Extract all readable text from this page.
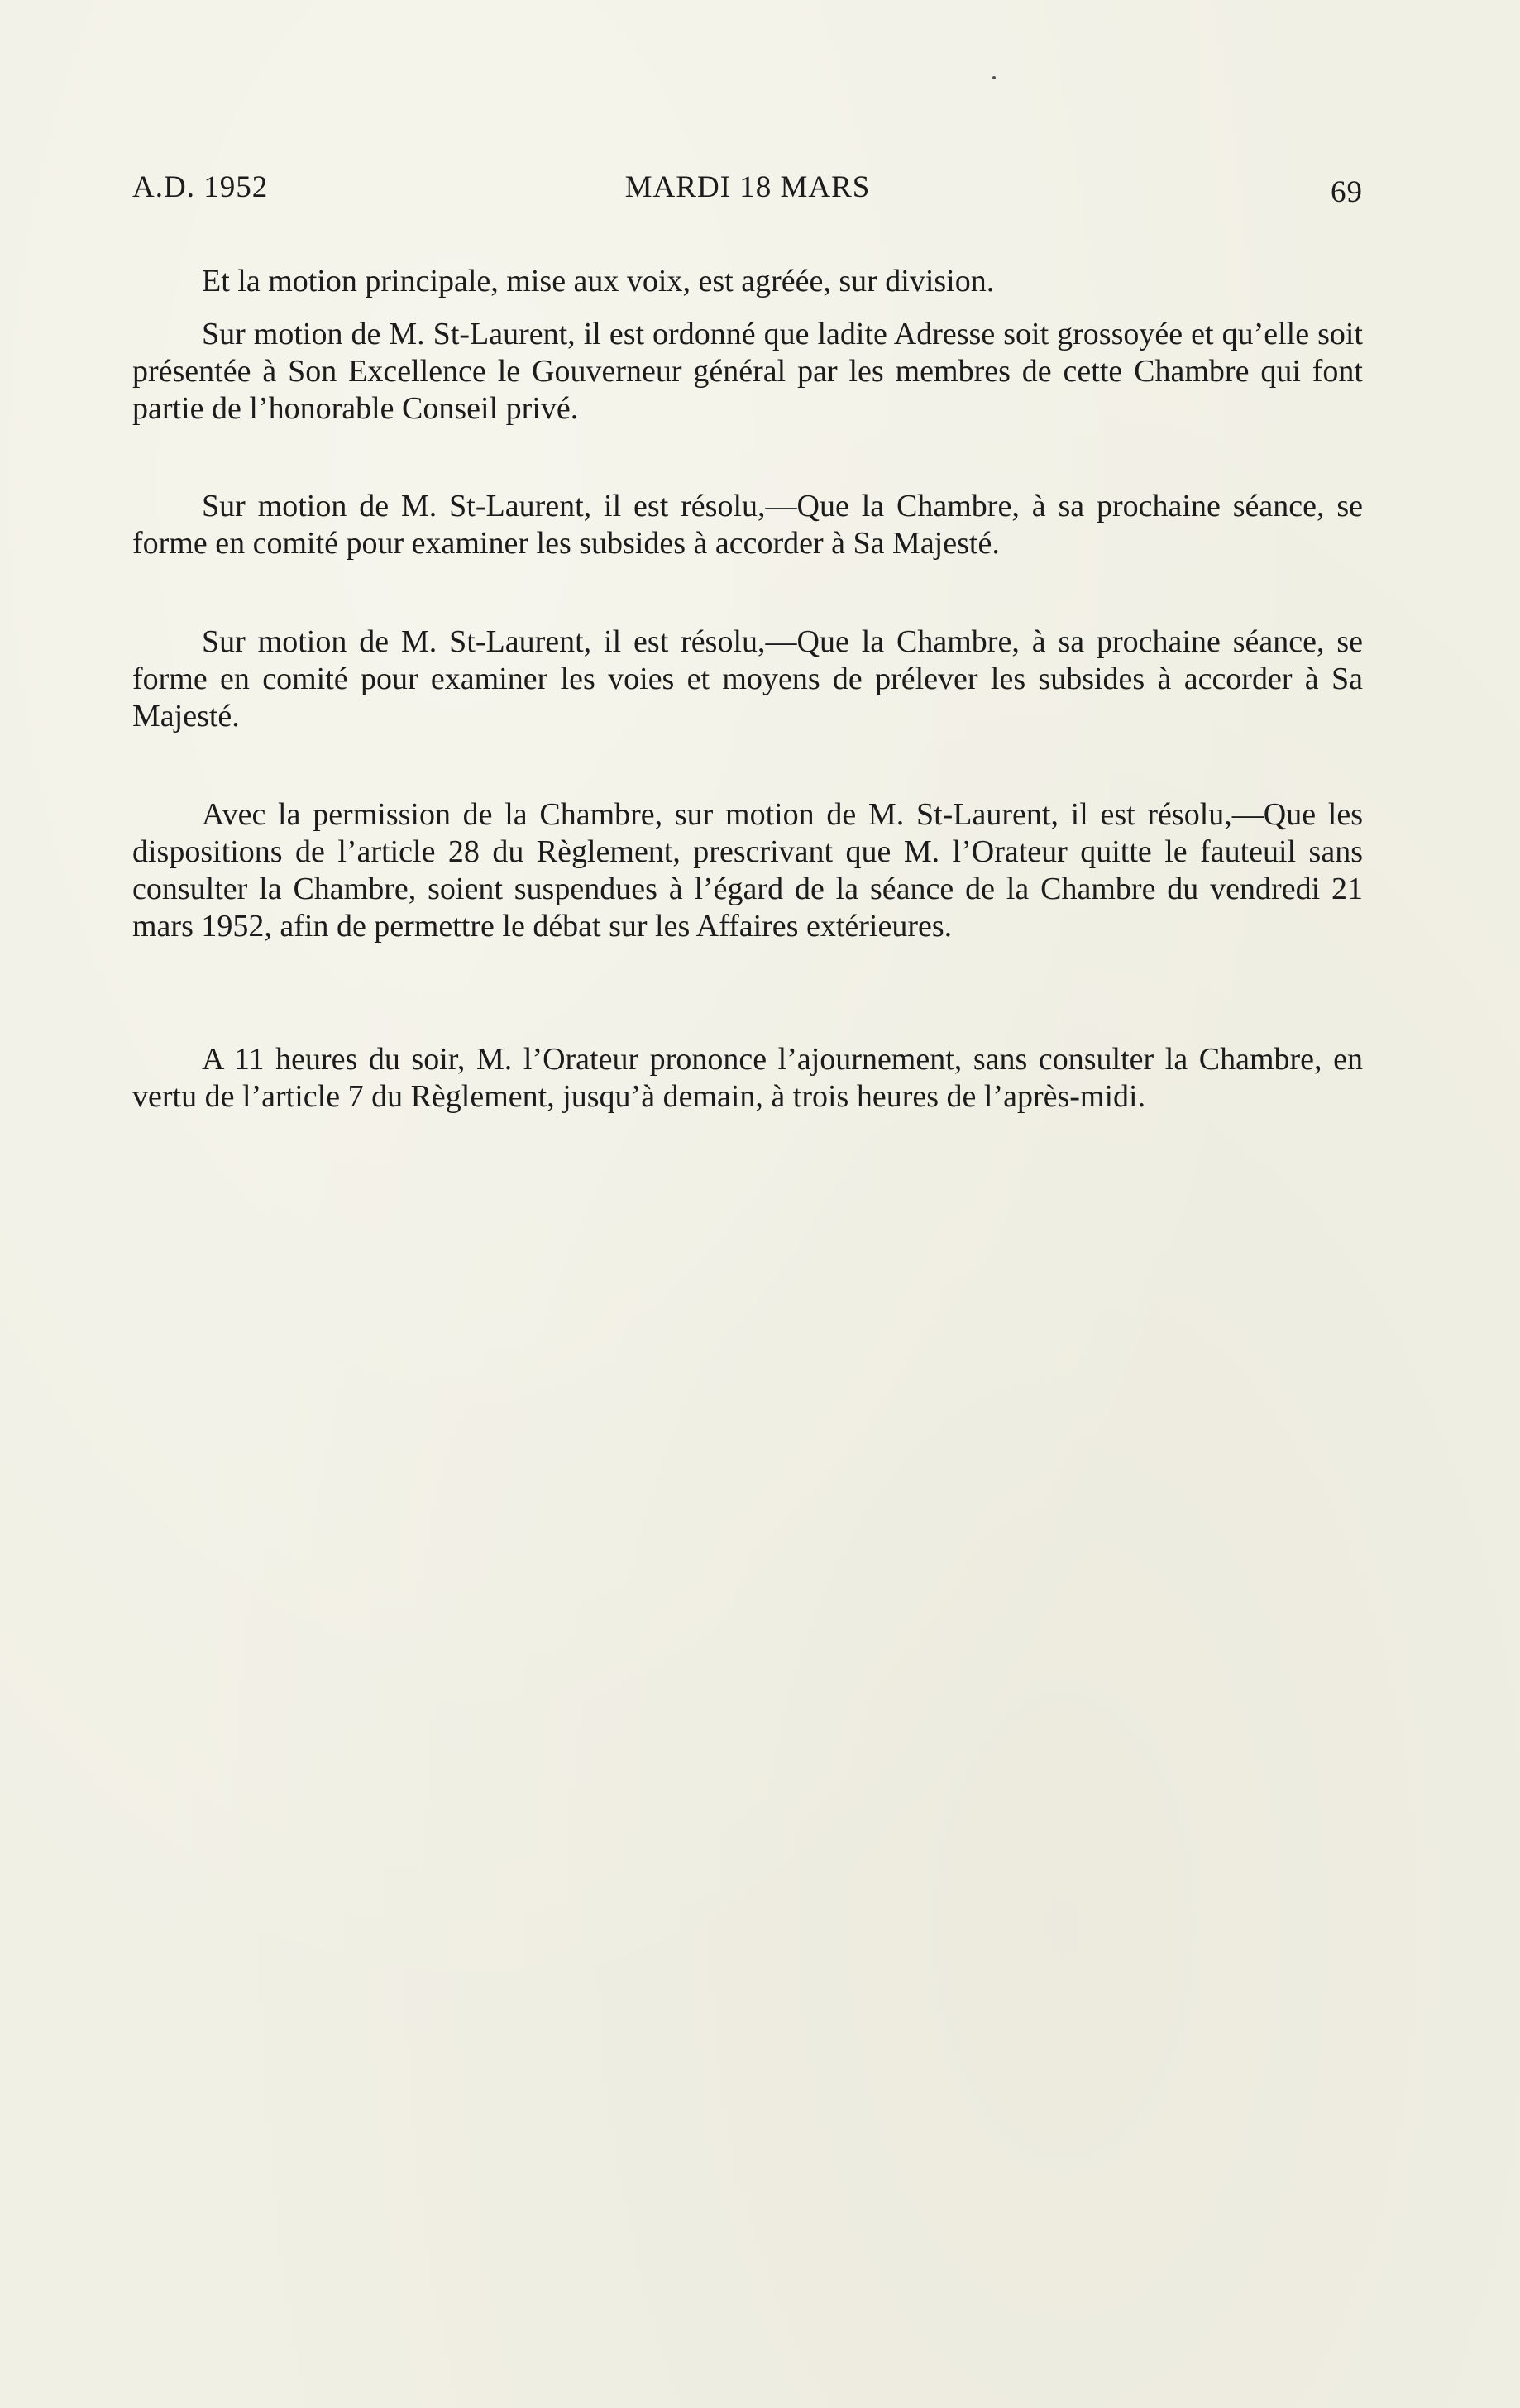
A.D. 1952	MARDI 18 MARS	69

Et la motion principale, mise aux voix, est agréée, sur division.

Sur motion de M. St-Laurent, il est ordonné que ladite Adresse soit grossoyée et qu’elle soit présentée à Son Excellence le Gouverneur général par les membres de cette Chambre qui font partie de l’honorable Conseil privé.

Sur motion de M. St-Laurent, il est résolu,—Que la Chambre, à sa prochaine séance, se forme en comité pour examiner les subsides à accorder à Sa Majesté.

Sur motion de M. St-Laurent, il est résolu,—Que la Chambre, à sa prochaine séance, se forme en comité pour examiner les voies et moyens de prélever les subsides à accorder à Sa Majesté.

Avec la permission de la Chambre, sur motion de M. St-Laurent, il est résolu,—Que les dispositions de l’article 28 du Règlement, prescrivant que M. l’Orateur quitte le fauteuil sans consulter la Chambre, soient suspendues à l’égard de la séance de la Chambre du vendredi 21 mars 1952, afin de permettre le débat sur les Affaires extérieures.

A 11 heures du soir, M. l’Orateur prononce l’ajournement, sans consulter la Chambre, en vertu de l’article 7 du Règlement, jusqu’à demain, à trois heures de l’après-midi.
